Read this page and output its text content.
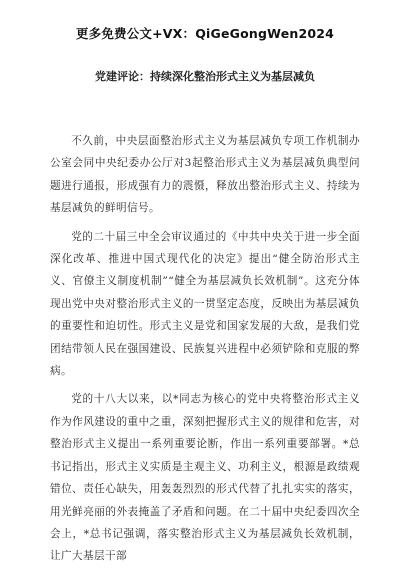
更多免费公文+VX：QiGeGongWen2024
党建评论：持续深化整治形式主义为基层减负

不久前，中央层面整治形式主义为基层减负专项工作机制办公室会同中央纪委办公厅对3起整治形式主义为基层减负典型问题进行通报，形成强有力的震慑，释放出整治形式主义、持续为基层减负的鲜明信号。

党的二十届三中全会审议通过的《中共中央关于进一步全面深化改革、推进中国式现代化的决定》提出“健全防治形式主义、官僚主义制度机制”“健全为基层减负长效机制”。这充分体现出党中央对整治形式主义的一贯坚定态度，反映出为基层减负的重要性和迫切性。形式主义是党和国家发展的大敌，是我们党团结带领人民在强国建设、民族复兴进程中必须铲除和克服的弊病。

党的十八大以来，以*同志为核心的党中央将整治形式主义作为作风建设的重中之重，深刻把握形式主义的规律和危害，对整治形式主义提出一系列重要论断，作出一系列重要部署。*总书记指出，形式主义实质是主观主义、功利主义，根源是政绩观错位、责任心缺失，用轰轰烈烈的形式代替了扎扎实实的落实，用光鲜亮丽的外表掩盖了矛盾和问题。在二十届中央纪委四次全会上，*总书记强调，落实整治形式主义为基层减负长效机制，让广大基层干部
